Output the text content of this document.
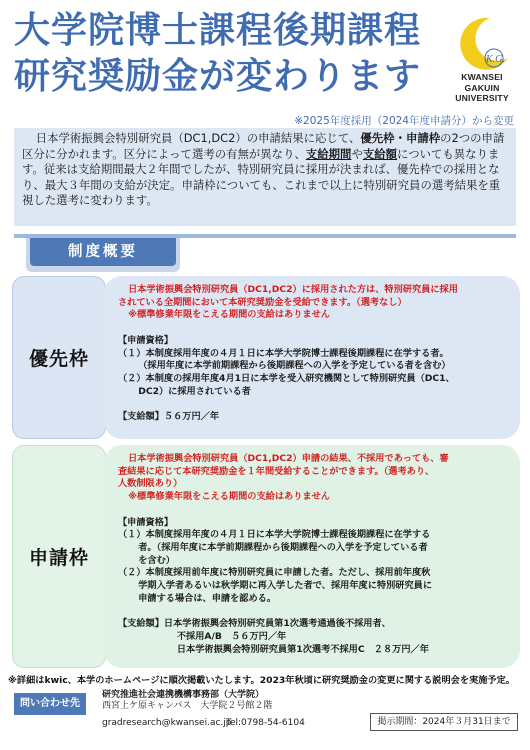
大学院博士課程後期課程
研究奨励金が変わります	K.G.
KWANSEI
GAKUIN
UNIVERSITY
※2025年度採用（2024年度申請分）から変更
日本学術振興会特別研究員（DC1,DC2）の申請結果に応じて、優先枠・申請枠の2つの申請区分に分かれます。区分によって選考の有無が異なり、支給期間や支給額についても異なります。従来は支給期間最大２年間でしたが、特別研究員に採用が決まれば、優先枠での採用となり、最大３年間の支給が決定。申請枠についても、これまで以上に特別研究員の選考結果を重視した選考に変わります。
制度概要
優先枠

日本学術振興会特別研究員（DC1,DC2）に採用された方は、特別研究員に採用

されている全期間において本研究奨励金を受給できます。（選考なし）

※標準修業年限をこえる期間の支給はありません

【申請資格】

（１）本制度採用年度の４月１日に本学大学院博士課程後期課程に在学する者。

（採用年度に本学前期課程から後期課程への入学を予定している者を含む）

（２）本制度の採用年度4月1日に本学を受入研究機関として特別研究員（DC1、

DC2）に採用されている者

【支給額】５６万円／年

申請枠

日本学術振興会特別研究員（DC1,DC2）申請の結果、不採用であっても、審

査結果に応じて本研究奨励金を１年間受給することができます。（選考あり、

人数制限あり）

※標準修業年限をこえる期間の支給はありません

【申請資格】

（１）本制度採用年度の４月１日に本学大学院博士課程後期課程に在学する

者。（採用年度に本学前期課程から後期課程への入学を予定している者

を含む）

（２）本制度採用前年度に特別研究員に申請した者。ただし、採用前年度秋

学期入学者あるいは秋学期に再入学した者で、採用年度に特別研究員に

申請する場合は、申請を認める。

【支給額】日本学術振興会特別研究員第1次選考通過後不採用者、

不採用A/B　５６万円／年

日本学術振興会特別研究員第1次選考不採用C　２８万円／年

※詳細はkwic、本学のホームページに順次掲載いたします。2023年秋頃に研究奨励金の変更に関する説明会を実施予定。
問い合わせ先
研究推進社会連携機構事務部（大学院）
西宮上ケ原キャンパス　大学院２号館２階
gradresearch@kwansei.ac.jp
Tel:0798-54-6104	掲示期間：2024年３月31日まで
